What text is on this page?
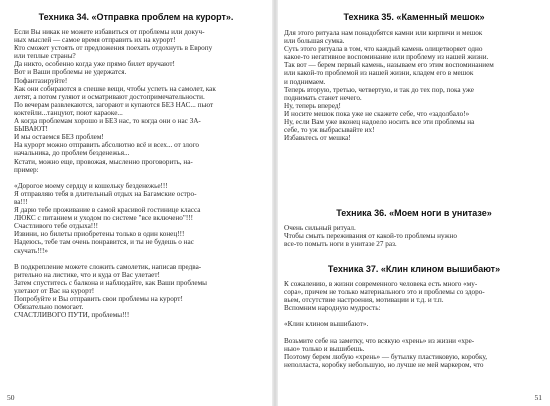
Техника 34. «Отправка проблем на курорт».
Если Вы никак не можете избавиться от проблемы или докуч-
ных мыслей — самое время отправить их на курорт!
Кто сможет устоять от предложения поехать отдохнуть в Европу
или теплые страны?
Да никто, особенно когда уже прямо билет вручают!
Вот и Ваши проблемы не удержатся.
Пофантазируйте!
Как они собираются в спешке вещи, чтобы успеть на самолет, как
летят, а потом гуляют и осматривают достопримечательности.
По вечерам развлекаются, загорают и купаются БЕЗ НАС... пьют
коктейли...танцуют, поют караоке...
А когда проблемам хорошо и БЕЗ нас, то когда они о нас ЗА-
БЫВАЮТ!
И мы остаемся БЕЗ проблем!
На курорт можно отправить абсолютно всё и всех... от злого
начальника, до проблем безденежья...
Кстати, можно еще, провожая, мысленно проговорить, на-
пример:
«Дорогое моему сердцу и кошельку безденежье!!!
Я отправляю тебя в длительный отдых на Багамские остро-
ва!!!
Я дарю тебе проживание в самой красивой гостинице класса
ЛЮКС с питанием и уходом по системе "все включено"!!!
Счастливого тебе отдыха!!!
Извини, но билеты приобретены только в один конец!!!
Надеюсь, тебе там очень понравится, и ты не будешь о нас
скучать!!!»
В подкрепление можете сложить самолетик, написав предва-
рительно на листике, что и куда от Вас улетает!
Затем спуститесь с балкона и наблюдайте, как Ваши проблемы
улетают от Вас на курорт!
Попробуйте и Вы отправить свои проблемы на курорт!
Обязательно помогает.
СЧАСТЛИВОГО ПУТИ, проблемы!!!
50
Техника 35. «Каменный мешок»
Для этого ритуала нам понадобятся камни или кирпичи и мешок
или большая сумка.
Суть этого ритуала в том, что каждый камень олицетворяет одно
какое-то негативное воспоминание или проблему из нашей жизни.
Так вот — берем первый камень, называем его этим воспоминанием
или какой-то проблемой из нашей жизни, кладем его в мешок
и поднимаем.
Теперь вторую, третью, четвертую, и так до тех пор, пока уже
поднимать станет нечего.
Ну, теперь вперед!
И носите мешок пока уже не скажете себе, что «задолбало!»
Ну, если Вам уже вконец надоело носить все эти проблемы на
себе, то уж выбрасывайте их!
Избавьтесь от мешка!
Техника 36. «Моем ноги в унитазе»
Очень сильный ритуал.
Чтобы смыть переживания от какой-то проблемы нужно
все-то помыть ноги в унитазе 27 раз.
Техника 37. «Клин клином вышибают»
К сожалению, в жизни современного человека есть много «му-
сора», причем не только материального это и проблемы со здоро-
вьем, отсутствие настроения, мотивации и т.д. и т.п.
Вспомним народную мудрость:
«Клин клином вышибают».
Возьмите себе на заметку, что всякую «хрень» из жизни «хре-
нью» только и вышибешь.
Поэтому берем любую «хрень» — бутылку пластиковую, коробку,
неполласта, коробку небольшую, но лучше не мей маркером, что
51
